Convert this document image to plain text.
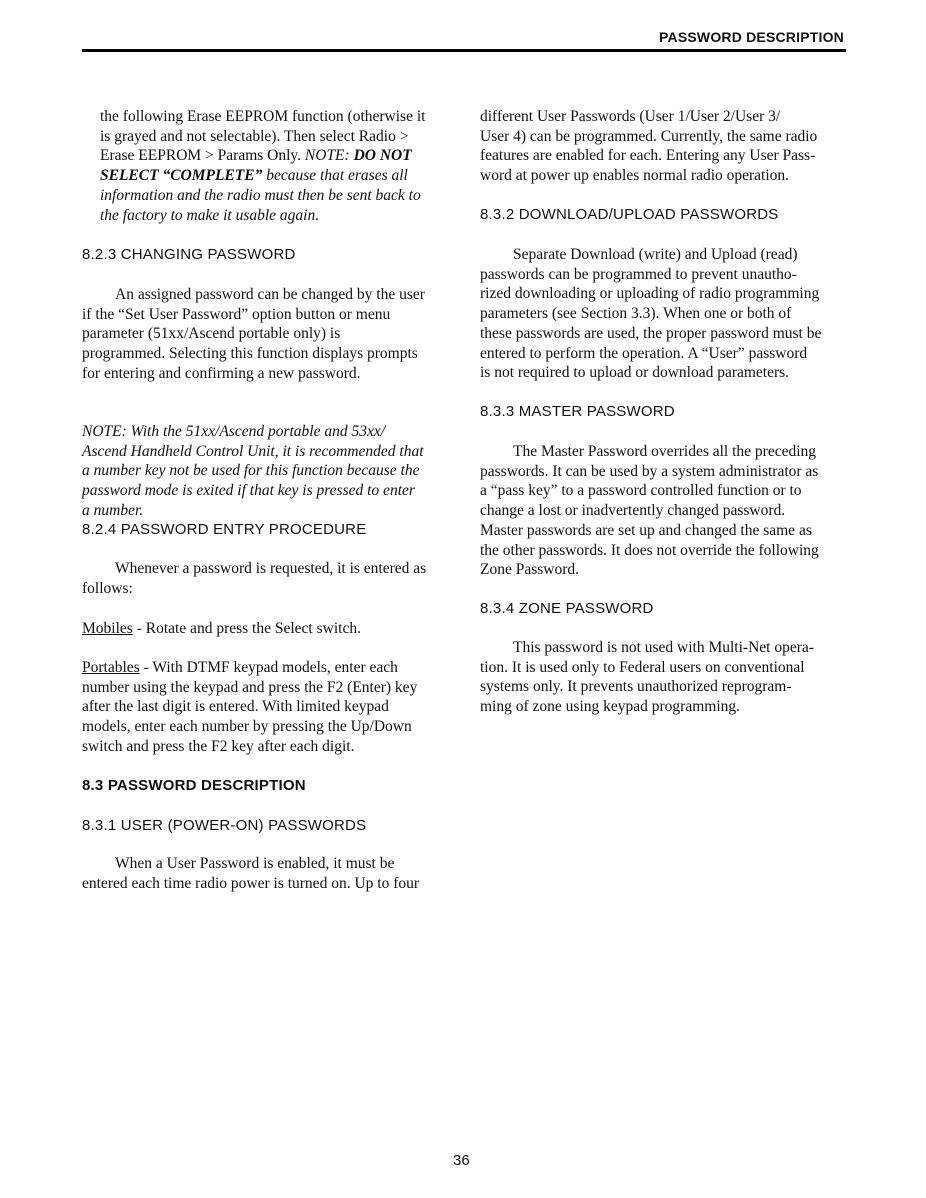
PASSWORD DESCRIPTION
the following Erase EEPROM function (otherwise it
is grayed and not selectable). Then select Radio >
Erase EEPROM > Params Only. NOTE: DO NOT
SELECT “COMPLETE” because that erases all
information and the radio must then be sent back to
the factory to make it usable again.
8.2.3 CHANGING PASSWORD
An assigned password can be changed by the user
if the “Set User Password” option button or menu
parameter (51xx/Ascend portable only) is
programmed. Selecting this function displays prompts
for entering and confirming a new password.
NOTE: With the 51xx/Ascend portable and 53xx/
Ascend Handheld Control Unit, it is recommended that
a number key not be used for this function because the
password mode is exited if that key is pressed to enter
a number.
8.2.4 PASSWORD ENTRY PROCEDURE
Whenever a password is requested, it is entered as
follows:
Mobiles - Rotate and press the Select switch.
Portables - With DTMF keypad models, enter each
number using the keypad and press the F2 (Enter) key
after the last digit is entered. With limited keypad
models, enter each number by pressing the Up/Down
switch and press the F2 key after each digit.
8.3 PASSWORD DESCRIPTION
8.3.1 USER (POWER-ON) PASSWORDS
When a User Password is enabled, it must be
entered each time radio power is turned on. Up to four
different User Passwords (User 1/User 2/User 3/
User 4) can be programmed. Currently, the same radio
features are enabled for each. Entering any User Pass-
word at power up enables normal radio operation.
8.3.2 DOWNLOAD/UPLOAD PASSWORDS
Separate Download (write) and Upload (read)
passwords can be programmed to prevent unautho-
rized downloading or uploading of radio programming
parameters (see Section 3.3). When one or both of
these passwords are used, the proper password must be
entered to perform the operation. A “User” password
is not required to upload or download parameters.
8.3.3 MASTER PASSWORD
The Master Password overrides all the preceding
passwords. It can be used by a system administrator as
a “pass key” to a password controlled function or to
change a lost or inadvertently changed password.
Master passwords are set up and changed the same as
the other passwords. It does not override the following
Zone Password.
8.3.4 ZONE PASSWORD
This password is not used with Multi-Net opera-
tion. It is used only to Federal users on conventional
systems only. It prevents unauthorized reprogram-
ming of zone using keypad programming.
36
